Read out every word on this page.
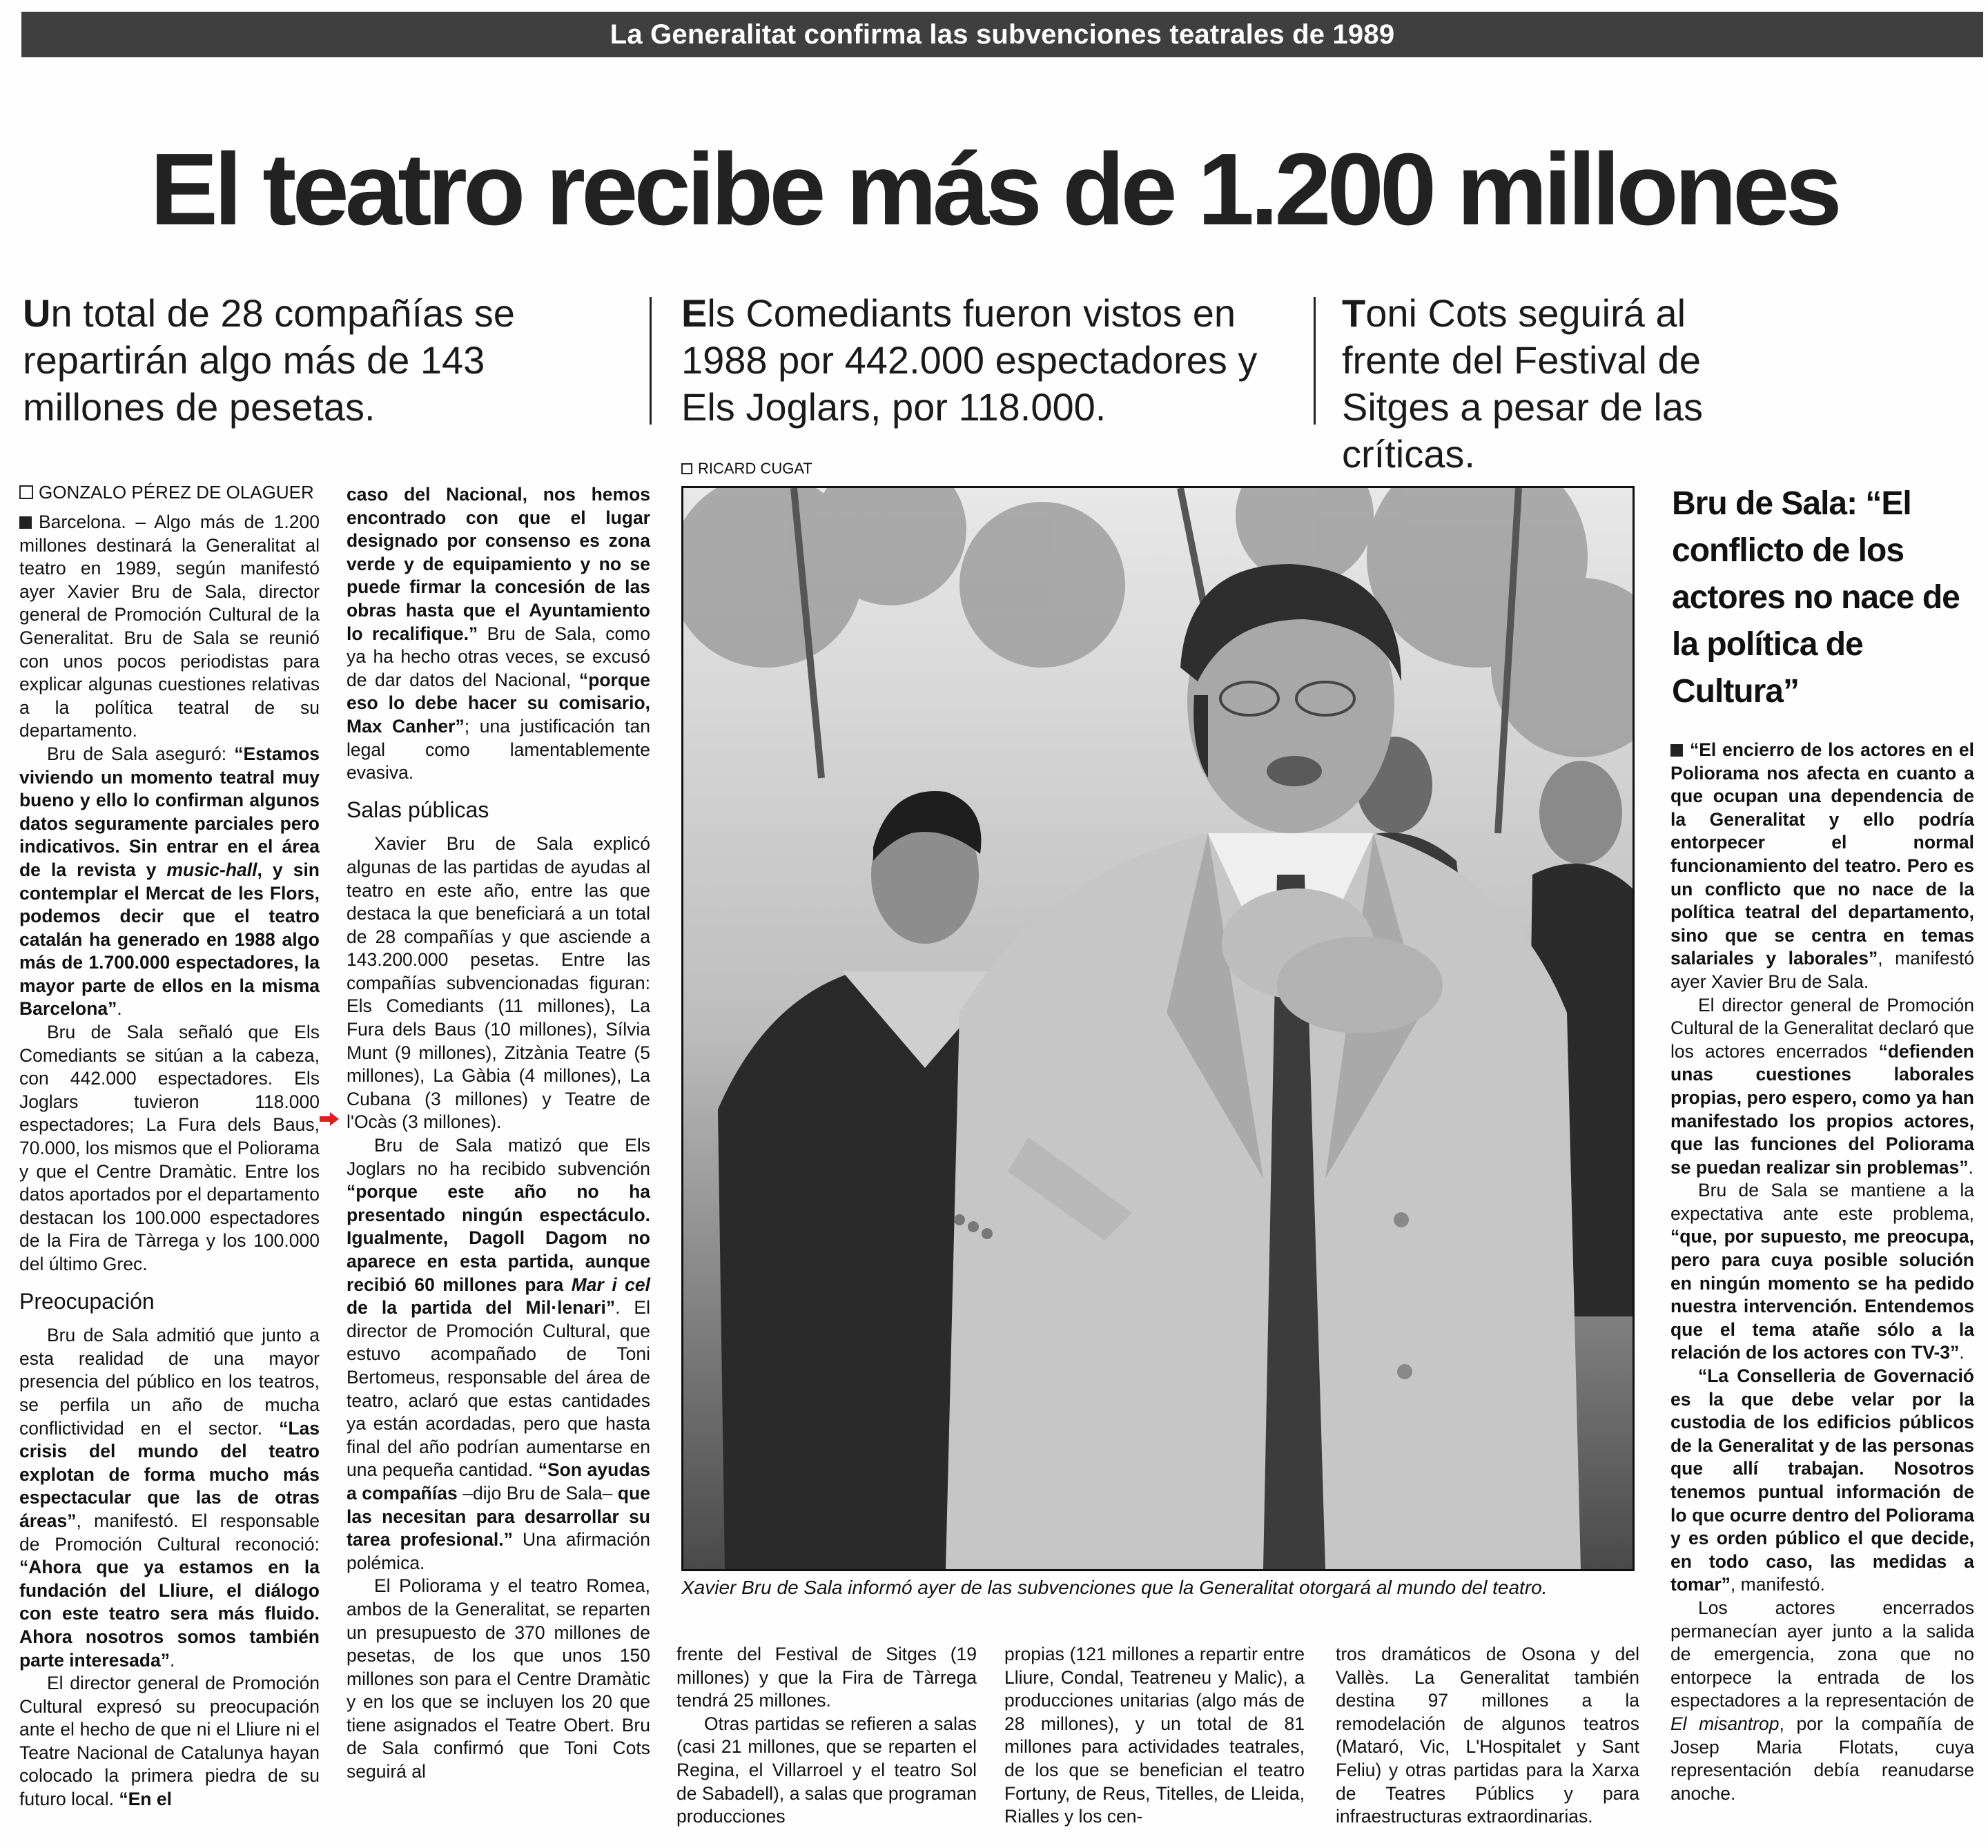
La Generalitat confirma las subvenciones teatrales de 1989
El teatro recibe más de 1.200 millones
Un total de 28 compañías se repartirán algo más de 143 millones de pesetas.
Els Comediants fueron vistos en 1988 por 442.000 espectadores y Els Joglars, por 118.000.
Toni Cots seguirá al frente del Festival de Sitges a pesar de las críticas.
GONZALO PÉREZ DE OLAGUER

Barcelona. – Algo más de 1.200 millones destinará la Generalitat al teatro en 1989, según manifestó ayer Xavier Bru de Sala, director general de Promoción Cultural de la Generalitat. Bru de Sala se reunió con unos pocos periodistas para explicar algunas cuestiones relativas a la política teatral de su departamento.

Bru de Sala aseguró: “Estamos viviendo un momento teatral muy bueno y ello lo confirman algunos datos seguramente parciales pero indicativos. Sin entrar en el área de la revista y music-hall, y sin contemplar el Mercat de les Flors, podemos decir que el teatro catalán ha generado en 1988 algo más de 1.700.000 espectadores, la mayor parte de ellos en la misma Barcelona”.

Bru de Sala señaló que Els Comediants se sitúan a la cabeza, con 442.000 espectadores. Els Joglars tuvieron 118.000 espectadores; La Fura dels Baus, 70.000, los mismos que el Poliorama y que el Centre Dramàtic. Entre los datos aportados por el departamento destacan los 100.000 espectadores de la Fira de Tàrrega y los 100.000 del último Grec.

Preocupación

Bru de Sala admitió que junto a esta realidad de una mayor presencia del público en los teatros, se perfila un año de mucha conflictividad en el sector. “Las crisis del mundo del teatro explotan de forma mucho más espectacular que las de otras áreas”, manifestó. El responsable de Promoción Cultural reconoció: “Ahora que ya estamos en la fundación del Lliure, el diálogo con este teatro sera más fluido. Ahora nosotros somos también parte interesada”.

El director general de Promoción Cultural expresó su preocupación ante el hecho de que ni el Lliure ni el Teatre Nacional de Catalunya hayan colocado la primera piedra de su futuro local. “En el

caso del Nacional, nos hemos encontrado con que el lugar designado por consenso es zona verde y de equipamiento y no se puede firmar la concesión de las obras hasta que el Ayuntamiento lo recalifique.” Bru de Sala, como ya ha hecho otras veces, se excusó de dar datos del Nacional, “porque eso lo debe hacer su comisario, Max Canher”; una justificación tan legal como lamentablemente evasiva.

Salas públicas

Xavier Bru de Sala explicó algunas de las partidas de ayudas al teatro en este año, entre las que destaca la que beneficiará a un total de 28 compañías y que asciende a 143.200.000 pesetas. Entre las compañías subvencionadas figuran: Els Comediants (11 millones), La Fura dels Baus (10 millones), Sílvia Munt (9 millones), Zitzània Teatre (5 millones), La Gàbia (4 millones), La Cubana (3 millones) y Teatre de l'Ocàs (3 millones).

Bru de Sala matizó que Els Joglars no ha recibido subvención “porque este año no ha presentado ningún espectáculo. Igualmente, Dagoll Dagom no aparece en esta partida, aunque recibió 60 millones para Mar i cel de la partida del Mil·lenari”. El director de Promoción Cultural, que estuvo acompañado de Toni Bertomeus, responsable del área de teatro, aclaró que estas cantidades ya están acordadas, pero que hasta final del año podrían aumentarse en una pequeña cantidad. “Son ayudas a compañías –dijo Bru de Sala– que las necesitan para desarrollar su tarea profesional.” Una afirmación polémica.

El Poliorama y el teatro Romea, ambos de la Generalitat, se reparten un presupuesto de 370 millones de pesetas, de los que unos 150 millones son para el Centre Dramàtic y en los que se incluyen los 20 que tiene asignados el Teatre Obert. Bru de Sala confirmó que Toni Cots seguirá al

RICARD CUGAT
Xavier Bru de Sala informó ayer de las subvenciones que la Generalitat otorgará al mundo del teatro.

frente del Festival de Sitges (19 millones) y que la Fira de Tàrrega tendrá 25 millones.

Otras partidas se refieren a salas (casi 21 millones, que se reparten el Regina, el Villarroel y el teatro Sol de Sabadell), a salas que programan producciones

propias (121 millones a repartir entre Lliure, Condal, Teatreneu y Malic), a producciones unitarias (algo más de 28 millones), y un total de 81 millones para actividades teatrales, de los que se benefician el teatro Fortuny, de Reus, Titelles, de Lleida, Rialles y los cen-

tros dramáticos de Osona y del Vallès. La Generalitat también destina 97 millones a la remodelación de algunos teatros (Mataró, Vic, L'Hospitalet y Sant Feliu) y otras partidas para la Xarxa de Teatres Públics y para infraestructuras extraordinarias.

Bru de Sala: “El conflicto de los actores no nace de la política de Cultura”

“El encierro de los actores en el Poliorama nos afecta en cuanto a que ocupan una dependencia de la Generalitat y ello podría entorpecer el normal funcionamiento del teatro. Pero es un conflicto que no nace de la política teatral del departamento, sino que se centra en temas salariales y laborales”, manifestó ayer Xavier Bru de Sala.

El director general de Promoción Cultural de la Generalitat declaró que los actores encerrados “defienden unas cuestiones laborales propias, pero espero, como ya han manifestado los propios actores, que las funciones del Poliorama se puedan realizar sin problemas”.

Bru de Sala se mantiene a la expectativa ante este problema, “que, por supuesto, me preocupa, pero para cuya posible solución en ningún momento se ha pedido nuestra intervención. Entendemos que el tema atañe sólo a la relación de los actores con TV-3”.

“La Conselleria de Governació es la que debe velar por la custodia de los edificios públicos de la Generalitat y de las personas que allí trabajan. Nosotros tenemos puntual información de lo que ocurre dentro del Poliorama y es orden público el que decide, en todo caso, las medidas a tomar”, manifestó.

Los actores encerrados permanecían ayer junto a la salida de emergencia, zona que no entorpece la entrada de los espectadores a la representación de El misantrop, por la compañía de Josep Maria Flotats, cuya representación debía reanudarse anoche.
